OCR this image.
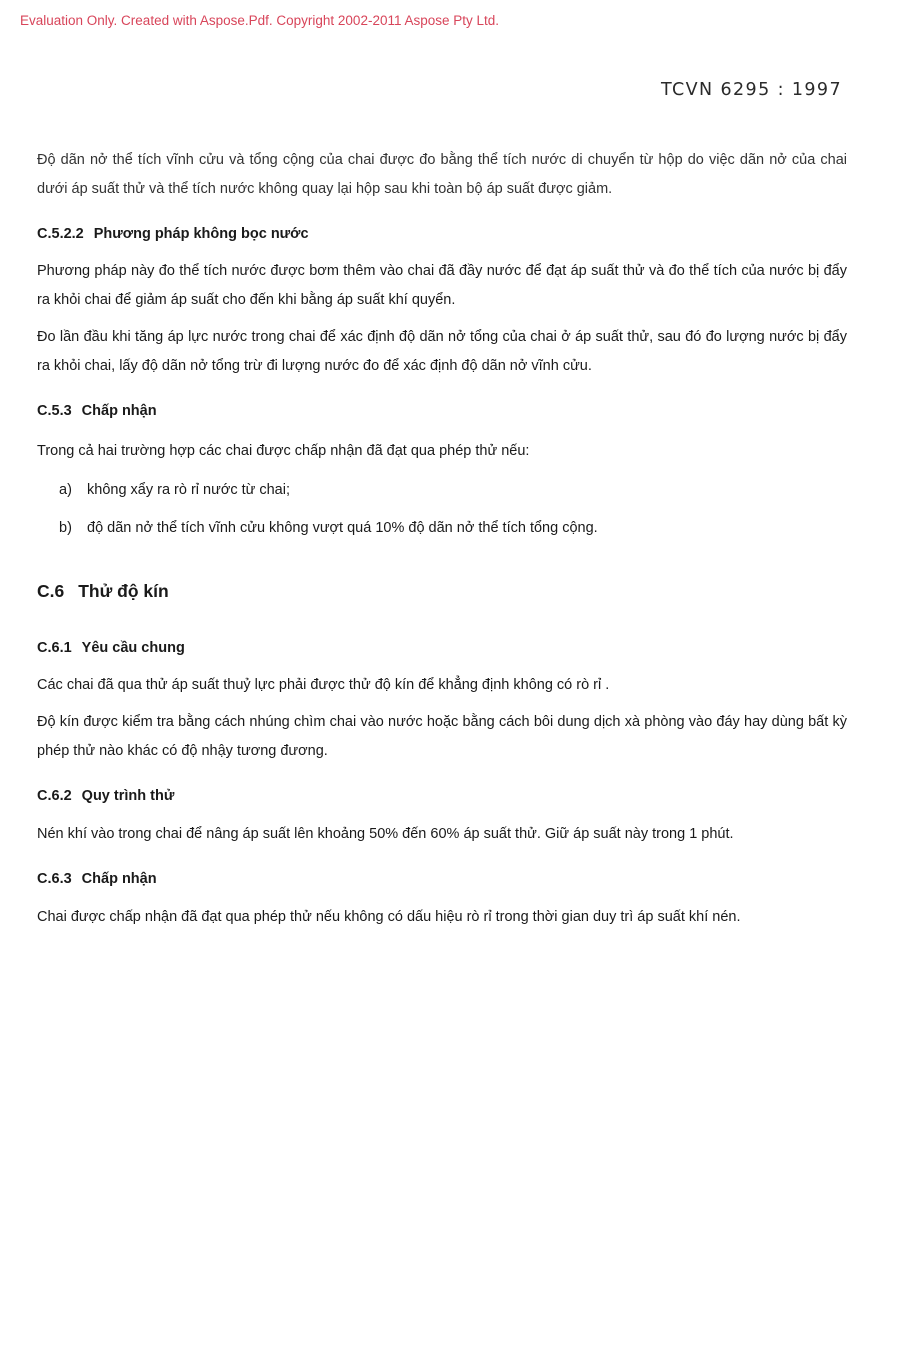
Evaluation Only. Created with Aspose.Pdf. Copyright 2002-2011 Aspose Pty Ltd.
TCVN 6295 : 1997

Độ dãn nở thể tích vĩnh cửu và tổng cộng của chai được đo bằng thể tích nước di chuyển từ hộp do việc dãn nở của chai dưới áp suất thử và thể tích nước không quay lại hộp sau khi toàn bộ áp suất được giảm.

C.5.2.2 Phương pháp không bọc nước

Phương pháp này đo thể tích nước được bơm thêm vào chai đã đầy nước để đạt áp suất thử và đo thể tích của nước bị đẩy ra khỏi chai để giảm áp suất cho đến khi bằng áp suất khí quyển.

Đo lần đầu khi tăng áp lực nước trong chai để xác định độ dãn nở tổng của chai ở áp suất thử, sau đó đo lượng nước bị đẩy ra khỏi chai, lấy độ dãn nở tổng trừ đi lượng nước đo để xác định độ dãn nở vĩnh cửu.

C.5.3 Chấp nhận

Trong cả hai trường hợp các chai được chấp nhận đã đạt qua phép thử nếu:

a) không xẩy ra rò rỉ nước từ chai;
b) độ dãn nở thể tích vĩnh cửu không vượt quá 10% độ dãn nở thể tích tổng cộng.

C.6 Thử độ kín

C.6.1 Yêu cầu chung

Các chai đã qua thử áp suất thuỷ lực phải được thử độ kín để khẳng định không có rò rỉ .

Độ kín được kiểm tra bằng cách nhúng chìm chai vào nước hoặc bằng cách bôi dung dịch xà phòng vào đáy hay dùng bất kỳ phép thử nào khác có độ nhậy tương đương.

C.6.2 Quy trình thử

Nén khí vào trong chai để nâng áp suất lên khoảng 50% đến 60% áp suất thử. Giữ áp suất này trong 1 phút.

C.6.3 Chấp nhận

Chai được chấp nhận đã đạt qua phép thử nếu không có dấu hiệu rò rỉ trong thời gian duy trì áp suất khí nén.
